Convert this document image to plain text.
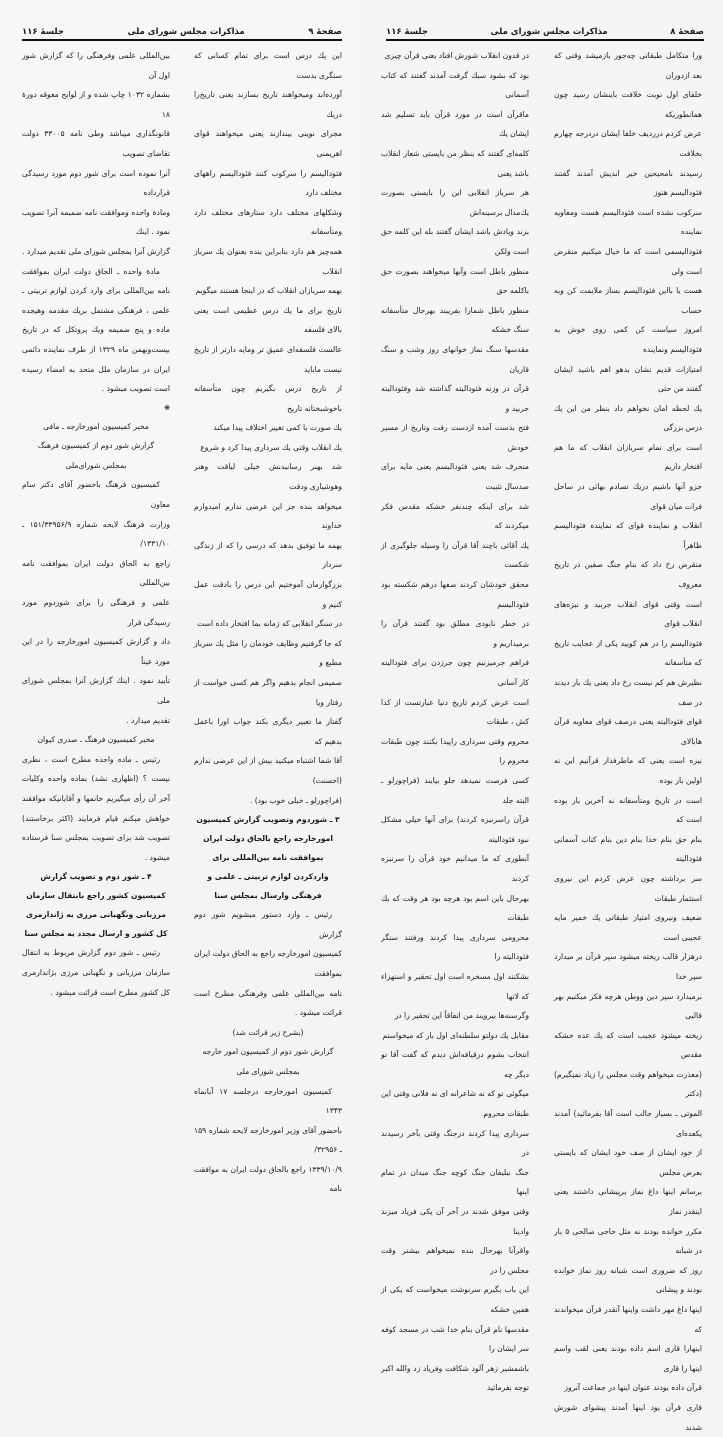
صفحهٔ ۹
مذاکرات مجلس شورای ملی
جلسهٔ ۱۱۶

این یك درس است برای تمام کسانی که سنگری بدست

آورده‌اند ومیخواهند تاریخ بسازند یعنی تاریخ‌را دریك

مجرای نوینی بیندازند یعنی میخواهند قوای اهریمنی

فئودالیسم را سرکوب کنند فئودالیسم راههای مختلف دارد

وشکلهای مختلف دارد ستارهای مختلف دارد ومتأسفانه

همه‌چیز هم دارد بنابراین بنده بعنوان یك سرباز انقلاب

بهمه سربازان انقلاب که در اینجا هستند میگویم

تاریخ برای ما یك درس عظیمی است یعنی بالای فلسفه

عالست فلسفه‌ای عمیق تر ومایه دارتر از تاریخ نیست ماباید

از تاریخ درس بگیریم چون متأسفانه باخوشبختانه تاریخ

یك صورت با کمی تغییر اختلاف پیدا میکند

یك انقلاب وقتی یك سرداری پیدا کرد و شروع

شد بهنر رسانیدنش خیلی لیاقت وهنر وهوشیاری ودقت

میخواهد بنده جز این عرضی ندارم امیدوارم خداوند

بهمه ما توفیق بدهد که درسی را که از زندگی سردار

بزرگوارمان آموختیم این درس را بادقت عمل کنیم و

در سنگر انقلابی که زمانه بما افتخار داده است

که جا گرفتیم وظایف خودمان را مثل یك سرباز مطیع و

صمیمی انجام بدهیم واگر هم کسی خواست از رفتار ویا

گفتار ما تعبیر دیگری بکند جواب اورا باعمل بدهیم که

آقا شما اشتباه میکنید بیش از این عرضی ندارم (احسنت)

(فراچورلو ـ خیلی خوب بود) .

۳ ـ شوردوم وتصویب گزارش کمیسیون امورخارجه راجع بالحاق دولت ایران بموافقت نامه بین‌المللی برای واردکردن لوازم تربیتی ـ علمی و فرهنگی وارسال بمجلس سنا

رئیس ـ وارد دستور میشویم شور دوم گزارش

کمیسیون امورخارجه راجع به الحاق دولت ایران بموافقت

نامه بین‌المللی علمی وفرهنگی مطرح است قرائت میشود .

(بشرح زیر قرائت شد)

گزارش شور دوم از کمیسیون امور خارجه

بمجلس شورای ملی

کمیسیون امورخارجه درجلسه ۱۷ آبانماه ۱۳۴۳

باحضور آقای وزیر امورخارجه لایحه شماره ۱۵۹ ـ ۳۲۹۵۶/

۱۳۳۹/۱۰/۹ راجع بالحاق دولت ایران به موافقت نامه

بین‌المللی علمی وفرهنگی را که گزارش شور اول آن

بشماره ۱۰۳۲ چاپ شده و از لوایح معوقه دورهٔ ۱۸

قانونگذاری میباشد وطی نامه ۳۳۰۰۵ دولت تقاضای تصویب

آنرا نموده است برای شور دوم مورد رسیدگی قرارداده

ومادهٔ واحده وموافقت نامه ضمیمه آنرا تصویب نمود . اینك

گزارش آنرا بمجلس شورای ملی تقدیم میدارد .

مادهٔ واحده ـ الحاق دولت ایران بموافقت نامه بین‌المللی برای وارد کردن لوازم تربیتی ـ علمی ، فرهنگی مشتمل بریك مقدمه وهیجده ماده و پنج ضمیمه ویك پروتکل که در تاریخ بیست‌وبهمن ماه ۱۳۲۹ از طرف نماینده دائمی ایران در سازمان ملل متحد به امضاء رسیده است تصویب میشود .

❋

مخبر کمیسیون امورخارجه ـ مافی

گزارش شور دوم از کمیسیون فرهنگ

بمجلس شورای‌ملی

کمیسیون فرهنگ باحضور آقای دکتر سام معاون

وزارت فرهنگ لایحه شماره ۱۵۱/۳۳۹۵۶/۹ ـ ۱۳۳۱/۱۰/

راجع به الحاق دولت ایران بموافقت نامه بین‌المللی

علمی و فرهنگی را برای شوردوم مورد رسیدگی قرار

داد و گزارش کمیسیون امورخارجه را در این مورد عیناً

تأیید نمود . اینك گزارش آنرا بمجلس شورای ملی

تقدیم میدارد .

مخبر کمیسیون فرهنگ ـ صدری کیوان

رئیس ـ ماده واحده مطرح است ، نظری نیست ؟ (اظهاری نشد) بماده واحده وکلیات آخر آن رأی میگیریم خانمها و آقایانیکه موافقند خواهش میکنم قیام فرمایند (اکثر برخاستند) تصویب شد برای تصویب بمجلس سنا فرستاده میشود .

۴ ـ شور دوم و تصویب گزارش کمیسیون کشور راجع بانتقال سازمان مرزبانی ونگهبانی مرزی به ژاندارمری کل کشور و ارسال مجدد به مجلس سنا

رئیس ـ شور دوم گزارش مربوط به انتقال سازمان مرزبانی و نگهبانی مرزی بژاندارمری کل کشور مطرح است قرائت میشود .

صفحهٔ ۸
مذاکرات مجلس شورای ملی
جلسهٔ ۱۱۶

ورا متکامل طبقاتی چه‌جور بازمیشد وقتی که بعد ازدوران

خلفای اول نوبت خلافت باینشان رسید چون همانطوریکه

عرض کردم درردیف خلفا ایشان دردرجه چهارم بخلافت

رسیدند نامحیحین خیر اندیش آمدند گفتند فئودالیسم هنوز

سرکوب نشده است فئودالیسم هست ومعاویه نماینده

فئودالیسمی است که ما خیال میکنیم منقرض است ولی

هست یا بااین فئودالیسم بساز ملایمت کن وبه حساب

امروز سیاست کن کمی روی خوش به فئودالیسم ونماینده

امتیازات قدیم نشان بدهو اهم باشید ایشان گفتند من حتی

یك لحظه امان نخواهم داد بنظر من این یك درس بزرگی

است برای تمام سربازان انقلاب که ما هم افتخار داریم

جزو آنها باشیم دریك تصادم بهائی در ساحل فرات میان قوای

انقلاب و نماینده قوای که نماینده فئودالیسم ظاهراً

منقرض رخ داد که بنام جنگ صفین در تاریخ معروف

است وقتی قوای انقلاب جربید و نیزه‌های انقلاب قوای

فئودالیسم را در هم کوبید یکی از عجایب تاریخ که متأسفانه

نظیرش هم کم نیست رخ داد یعنی یك بار دیدند در صف

قوای فئودالیته یعنی درصف قوای معاویه قرآن هابالای

نیزه است یعنی که ماطرفدار قرآنیم این نه اولین بار بوده

است در تاریخ ومتأسفانه نه آخرین بار بوده است که

بنام حق بنام خدا بنام دین بنام کتاب آسمانی فئودالیته

سر برداشته چون عرض کردم این نیروی استثمار طبقات

ضعیف ونیروی امتیاز طبقاتی یك خمیر مایه عجیبی است

درهزار قالب ریخته میشود سپر قرآن بر میدارد سپر خدا

برمیدارد سپر دین ووطن هرچه فکر میکنیم بهر قالبی

ریخته میشود عجیب است که یك عده خشکه مقدس

(معذرت میخواهم وقت مجلس را زیاد نمیگیرم) (دکتر

الموتی ـ بسیار جالب است آقا بفرمائید) آمدند یکعده‌ای

از خود ایشان از صف خود ایشان که بایستی بعرض مجلس

برسانم اینها داغ نماز برپیشانی داشتند یعنی اینقدر نماز

مکرر خوانده بودند نه مثل حاجی صالحی ۵ بار در شبانه

روز که ضروری است شبانه روز نماز خوانده بودند و پیشانی

اینها داغ مهر داشت واینها آنقدر قرآن میخواندند که

اینهارا قاری اسم داده بودند یعنی لقب واسم اینها را قاری

قرآن داده بودند عنوان اینها در جماعت آنروز

قاری قرآن بود اینها آمدند پیشوای شورش شدند

در قدون انقلاب شورش افتاد یعنی قرآن چیزی

بود که بشود سبك گرفت آمدند گفتند که کتاب آسمانی

ماقرآن است در مورد قرآن باید تسلیم شد ایشان یك

کلمه‌ای گفتند که بنظر من بایستی شعار انقلاب باشد یعنی

هر سرباز انقلابی این را بایستی بصورت یك‌مدال برسینه‌اش

بزند ویادش باشد ایشان گفتند بله این کلمه حق است ولکن

منظور باطل است وآنها میخواهند بصورت حق باکلمه حق

منظور باطل شمارا بفریبند بهرحال متأسفانه سنگ خشکه

مقدسها سنگ نماز خوانهای روز وشب و سنگ قاریان

قرآن در وزنه فئودالیته گذاشته شد وفئودالیته جربید و

فتح بدست آمده ازدست رفت وتاریخ از مسیر خودش

منحرف شد یعنی فئودالیسم یعنی مایه برای صدسال تثبیت

شد برای اینکه چندنفر خشکه مقدس فکر میکردند که

یك آقائی باچند آقا قرآن را وسیله جلوگیری از شکست

محقق خودشان کردند صفها درهم شکسته بود فئودالیسم

در خطر نابودی مطلق بود گفتند قرآن را برمیداریم و

فراهم جرمیزنیم چون جرزدن برای فئودالیته کار آسانی

است عرض کردم تاریخ دنیا عبارتست از کدا کش ، طبقات

محروم وقتی سرداری راپیدا بکنند چون طبقات محروم را

کسی فرصت نمیدهد جلو بیایند (فراچورلو ـ البته جلد

قرآن راسرنیزه کردند) برای آنها خیلی مشکل نبود فئودالیته

آنطوری که ما میدانیم خود قرآن را سرنیزه کردند

بهرحال باین اسم بود هرچه بود هر وقت که یك طبقات

محرومی سرداری پیدا کردند ورفتند سنگر فئودالیته را

بشکنند اول مسخره است اول تحقیر و استهزاء که لاتها

وگرسنه‌ها بیرویند من اتفاقاً این تحقیر را در

مقابل یك دولتو سلطنه‌ای اول بار که میخواستم

انتخاب بشوم درقیافه‌اش دیدم که گفت آقا تو دیگر چه

میگوئی تو که نه شاعرانه ای نه فلانی وقتی این طبقات محروم

سرداری پیدا کردند درجنگ وقتی بآخر رسیدند در

جنگ نیلیفان جنگ کوچه جنگ میدان در تمام اینها

وقتی موفق شدند در آخر آن یکی فریاد میزند وادینا

واقرآنا بهرحال بنده نمیخواهم بیشتر وقت مجلس را در

این باب بگیرم سرنوشت میخواست که یکی از همین خشکه

مقدسها نام قرآن بنام خدا شب در مسجد کوفه سر ایشان را

باشمشیر زهر آلود شکافت وفریاد زد والله اکبر توجه بفرمائید
